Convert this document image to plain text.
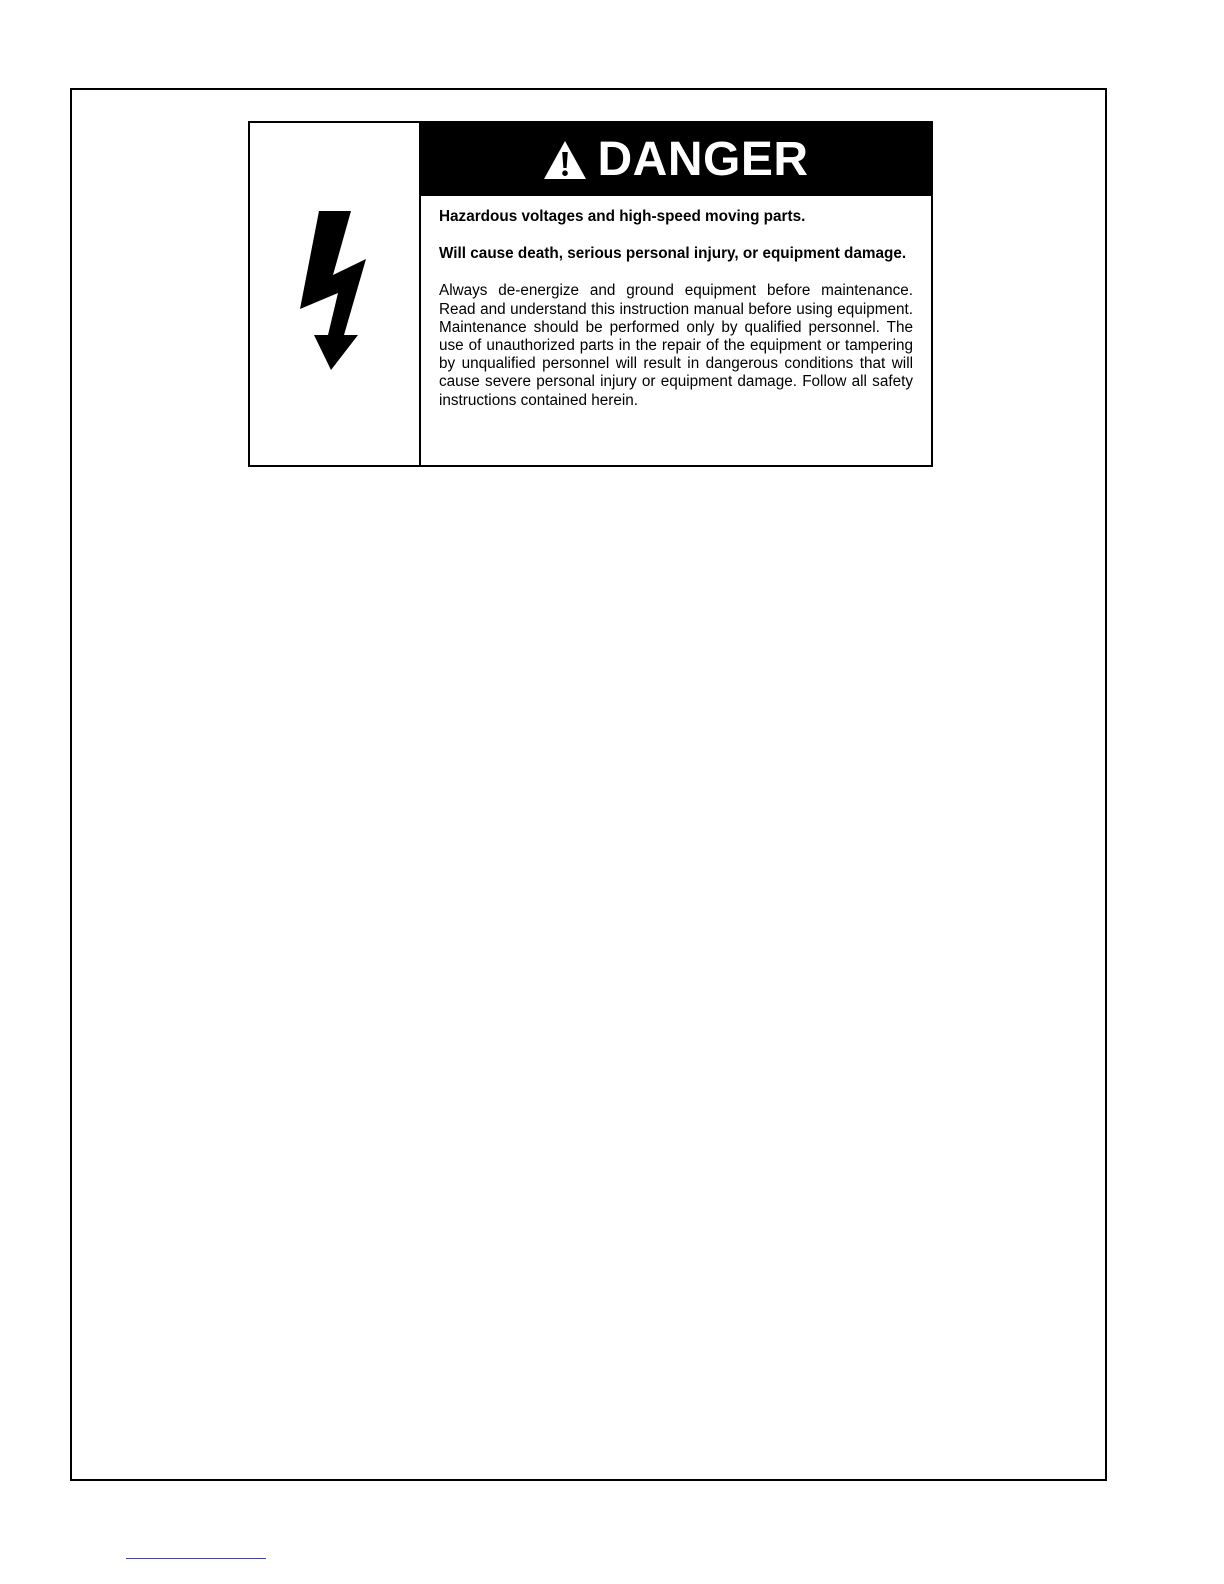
DANGER

Hazardous voltages and high-speed moving parts.

Will cause death, serious personal injury, or equipment damage.

Always de-energize and ground equipment before maintenance. Read and understand this instruction manual before using equipment. Maintenance should be performed only by qualified personnel. The use of unauthorized parts in the repair of the equipment or tampering by unqualified personnel will result in dangerous conditions that will cause severe personal injury or equipment damage. Follow all safety instructions contained herein.
